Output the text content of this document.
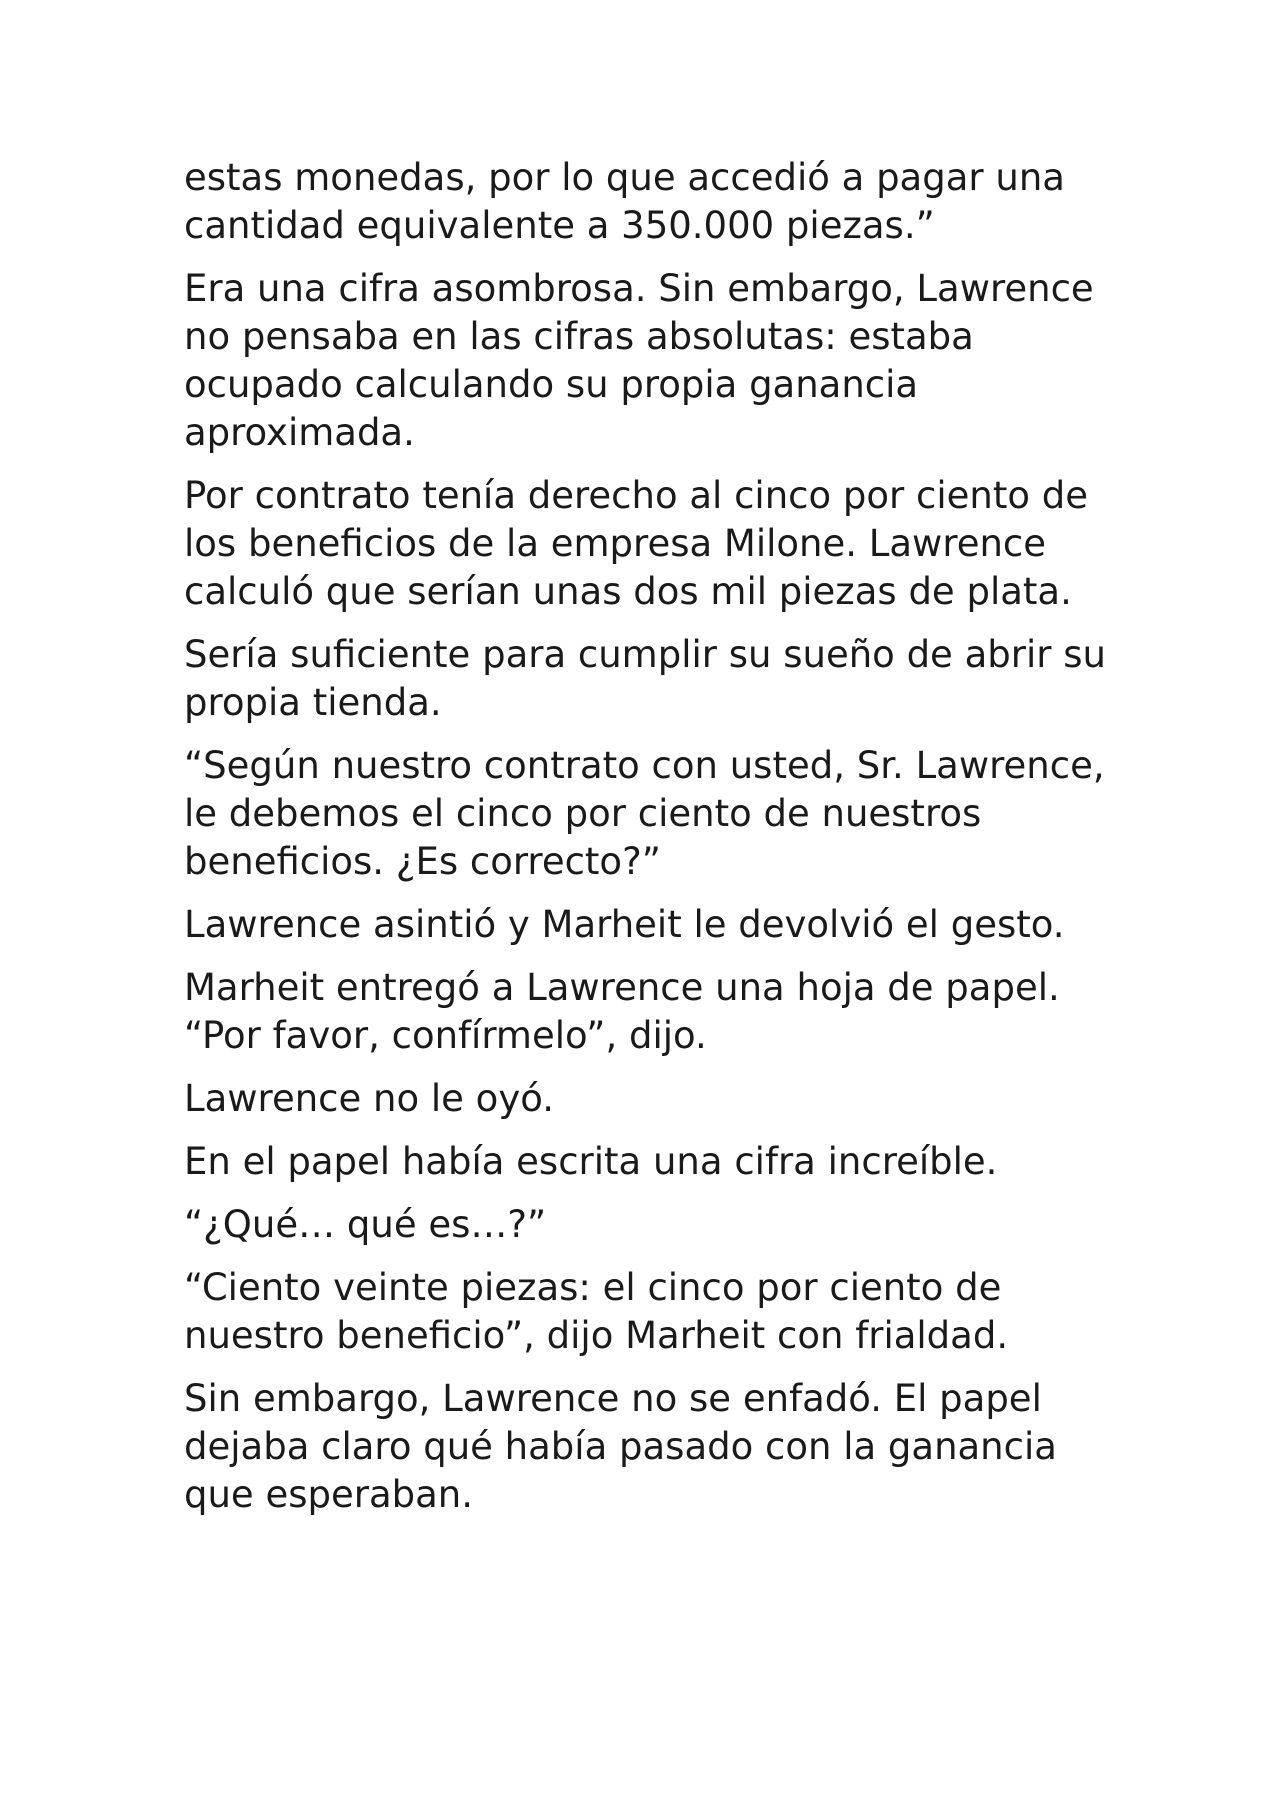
estas monedas, por lo que accedió a pagar una cantidad equivalente a 350.000 piezas.”

Era una cifra asombrosa. Sin embargo, Lawrence no pensaba en las cifras absolutas: estaba ocupado calculando su propia ganancia aproximada.

Por contrato tenía derecho al cinco por ciento de los beneficios de la empresa Milone. Lawrence calculó que serían unas dos mil piezas de plata.

Sería suficiente para cumplir su sueño de abrir su propia tienda.

“Según nuestro contrato con usted, Sr. Lawrence, le debemos el cinco por ciento de nuestros beneficios. ¿Es correcto?”

Lawrence asintió y Marheit le devolvió el gesto.

Marheit entregó a Lawrence una hoja de papel. “Por favor, confírmelo”, dijo.

Lawrence no le oyó.

En el papel había escrita una cifra increíble.

“¿Qué… qué es…?”

“Ciento veinte piezas: el cinco por ciento de nuestro beneficio”, dijo Marheit con frialdad.

Sin embargo, Lawrence no se enfadó. El papel dejaba claro qué había pasado con la ganancia que esperaban.
